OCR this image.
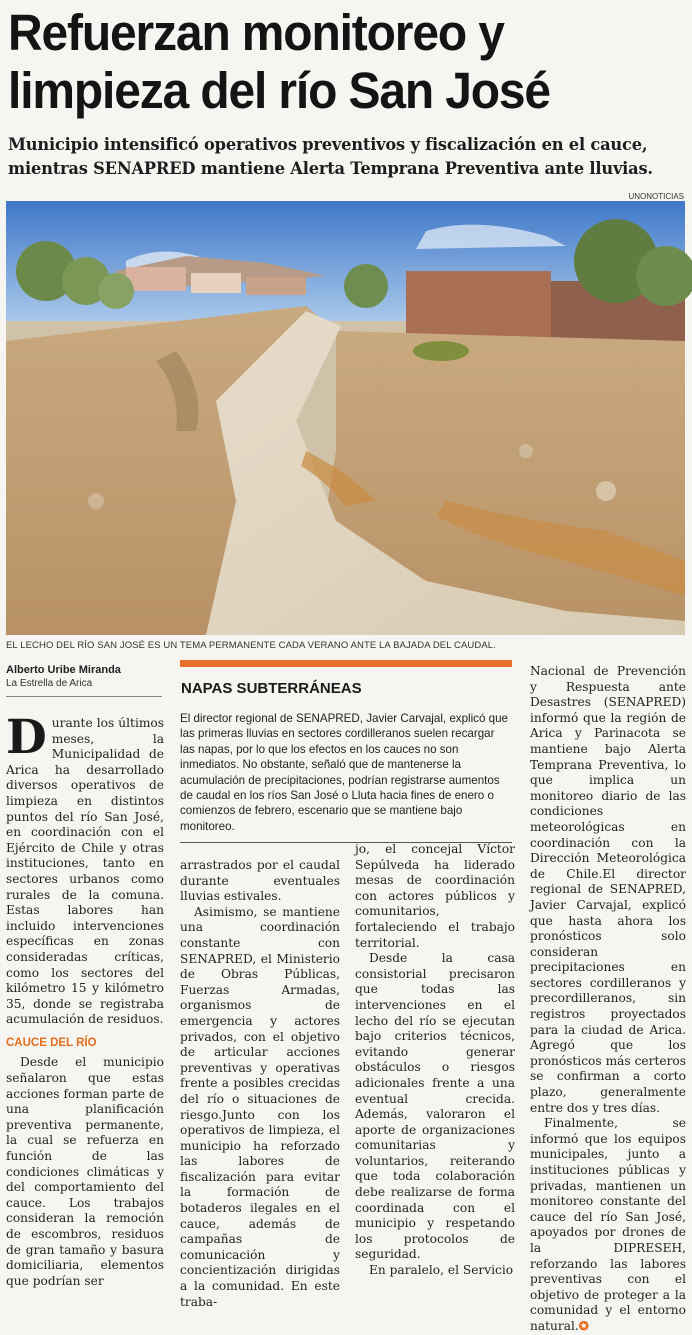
Refuerzan monitoreo y limpieza del río San José
Municipio intensificó operativos preventivos y fiscalización en el cauce, mientras SENAPRED mantiene Alerta Temprana Preventiva ante lluvias.
UNONOTICIAS
EL LECHO DEL RÍO SAN JOSÉ ES UN TEMA PERMANENTE CADA VERANO ANTE LA BAJADA DEL CAUDAL.
Alberto Uribe Miranda
La Estrella de Arica

Durante los últimos meses, la Municipalidad de Arica ha desarrollado diversos operativos de limpieza en distintos puntos del río San José, en coordinación con el Ejército de Chile y otras instituciones, tanto en sectores urbanos como rurales de la comuna. Estas labores han incluido intervenciones específicas en zonas consideradas críticas, como los sectores del kilómetro 15 y kilómetro 35, donde se registraba acumulación de residuos.

CAUCE DEL RÍO

Desde el municipio señalaron que estas acciones forman parte de una planificación preventiva permanente, la cual se refuerza en función de las condiciones climáticas y del comportamiento del cauce. Los trabajos consideran la remoción de escombros, residuos de gran tamaño y basura domiciliaria, elementos que podrían ser

NAPAS SUBTERRÁNEAS
El director regional de SENAPRED, Javier Carvajal, explicó que las primeras lluvias en sectores cordilleranos suelen recargar las napas, por lo que los efectos en los cauces no son inmediatos. No obstante, señaló que de mantenerse la acumulación de precipitaciones, podrían registrarse aumentos de caudal en los ríos San José o Lluta hacia fines de enero o comienzos de febrero, escenario que se mantiene bajo monitoreo.

arrastrados por el caudal durante eventuales lluvias estivales.

Asimismo, se mantiene una coordinación constante con SENAPRED, el Ministerio de Obras Públicas, Fuerzas Armadas, organismos de emergencia y actores privados, con el objetivo de articular acciones preventivas y operativas frente a posibles crecidas del río o situaciones de riesgo.Junto con los operativos de limpieza, el municipio ha reforzado las labores de fiscalización para evitar la formación de botaderos ilegales en el cauce, además de campañas de comunicación y concientización dirigidas a la comunidad. En este traba-

jo, el concejal Víctor Sepúlveda ha liderado mesas de coordinación con actores públicos y comunitarios, fortaleciendo el trabajo territorial.

Desde la casa consistorial precisaron que todas las intervenciones en el lecho del río se ejecutan bajo criterios técnicos, evitando generar obstáculos o riesgos adicionales frente a una eventual crecida. Además, valoraron el aporte de organizaciones comunitarias y voluntarios, reiterando que toda colaboración debe realizarse de forma coordinada con el municipio y respetando los protocolos de seguridad.

En paralelo, el Servicio

Nacional de Prevención y Respuesta ante Desastres (SENAPRED) informó que la región de Arica y Parinacota se mantiene bajo Alerta Temprana Preventiva, lo que implica un monitoreo diario de las condiciones meteorológicas en coordinación con la Dirección Meteorológica de Chile.El director regional de SENAPRED, Javier Carvajal, explicó que hasta ahora los pronósticos solo consideran precipitaciones en sectores cordilleranos y precordilleranos, sin registros proyectados para la ciudad de Arica. Agregó que los pronósticos más certeros se confirman a corto plazo, generalmente entre dos y tres días.

Finalmente, se informó que los equipos municipales, junto a instituciones públicas y privadas, mantienen un monitoreo constante del cauce del río San José, apoyados por drones de la DIPRESEH, reforzando las labores preventivas con el objetivo de proteger a la comunidad y el entorno natural.✪
